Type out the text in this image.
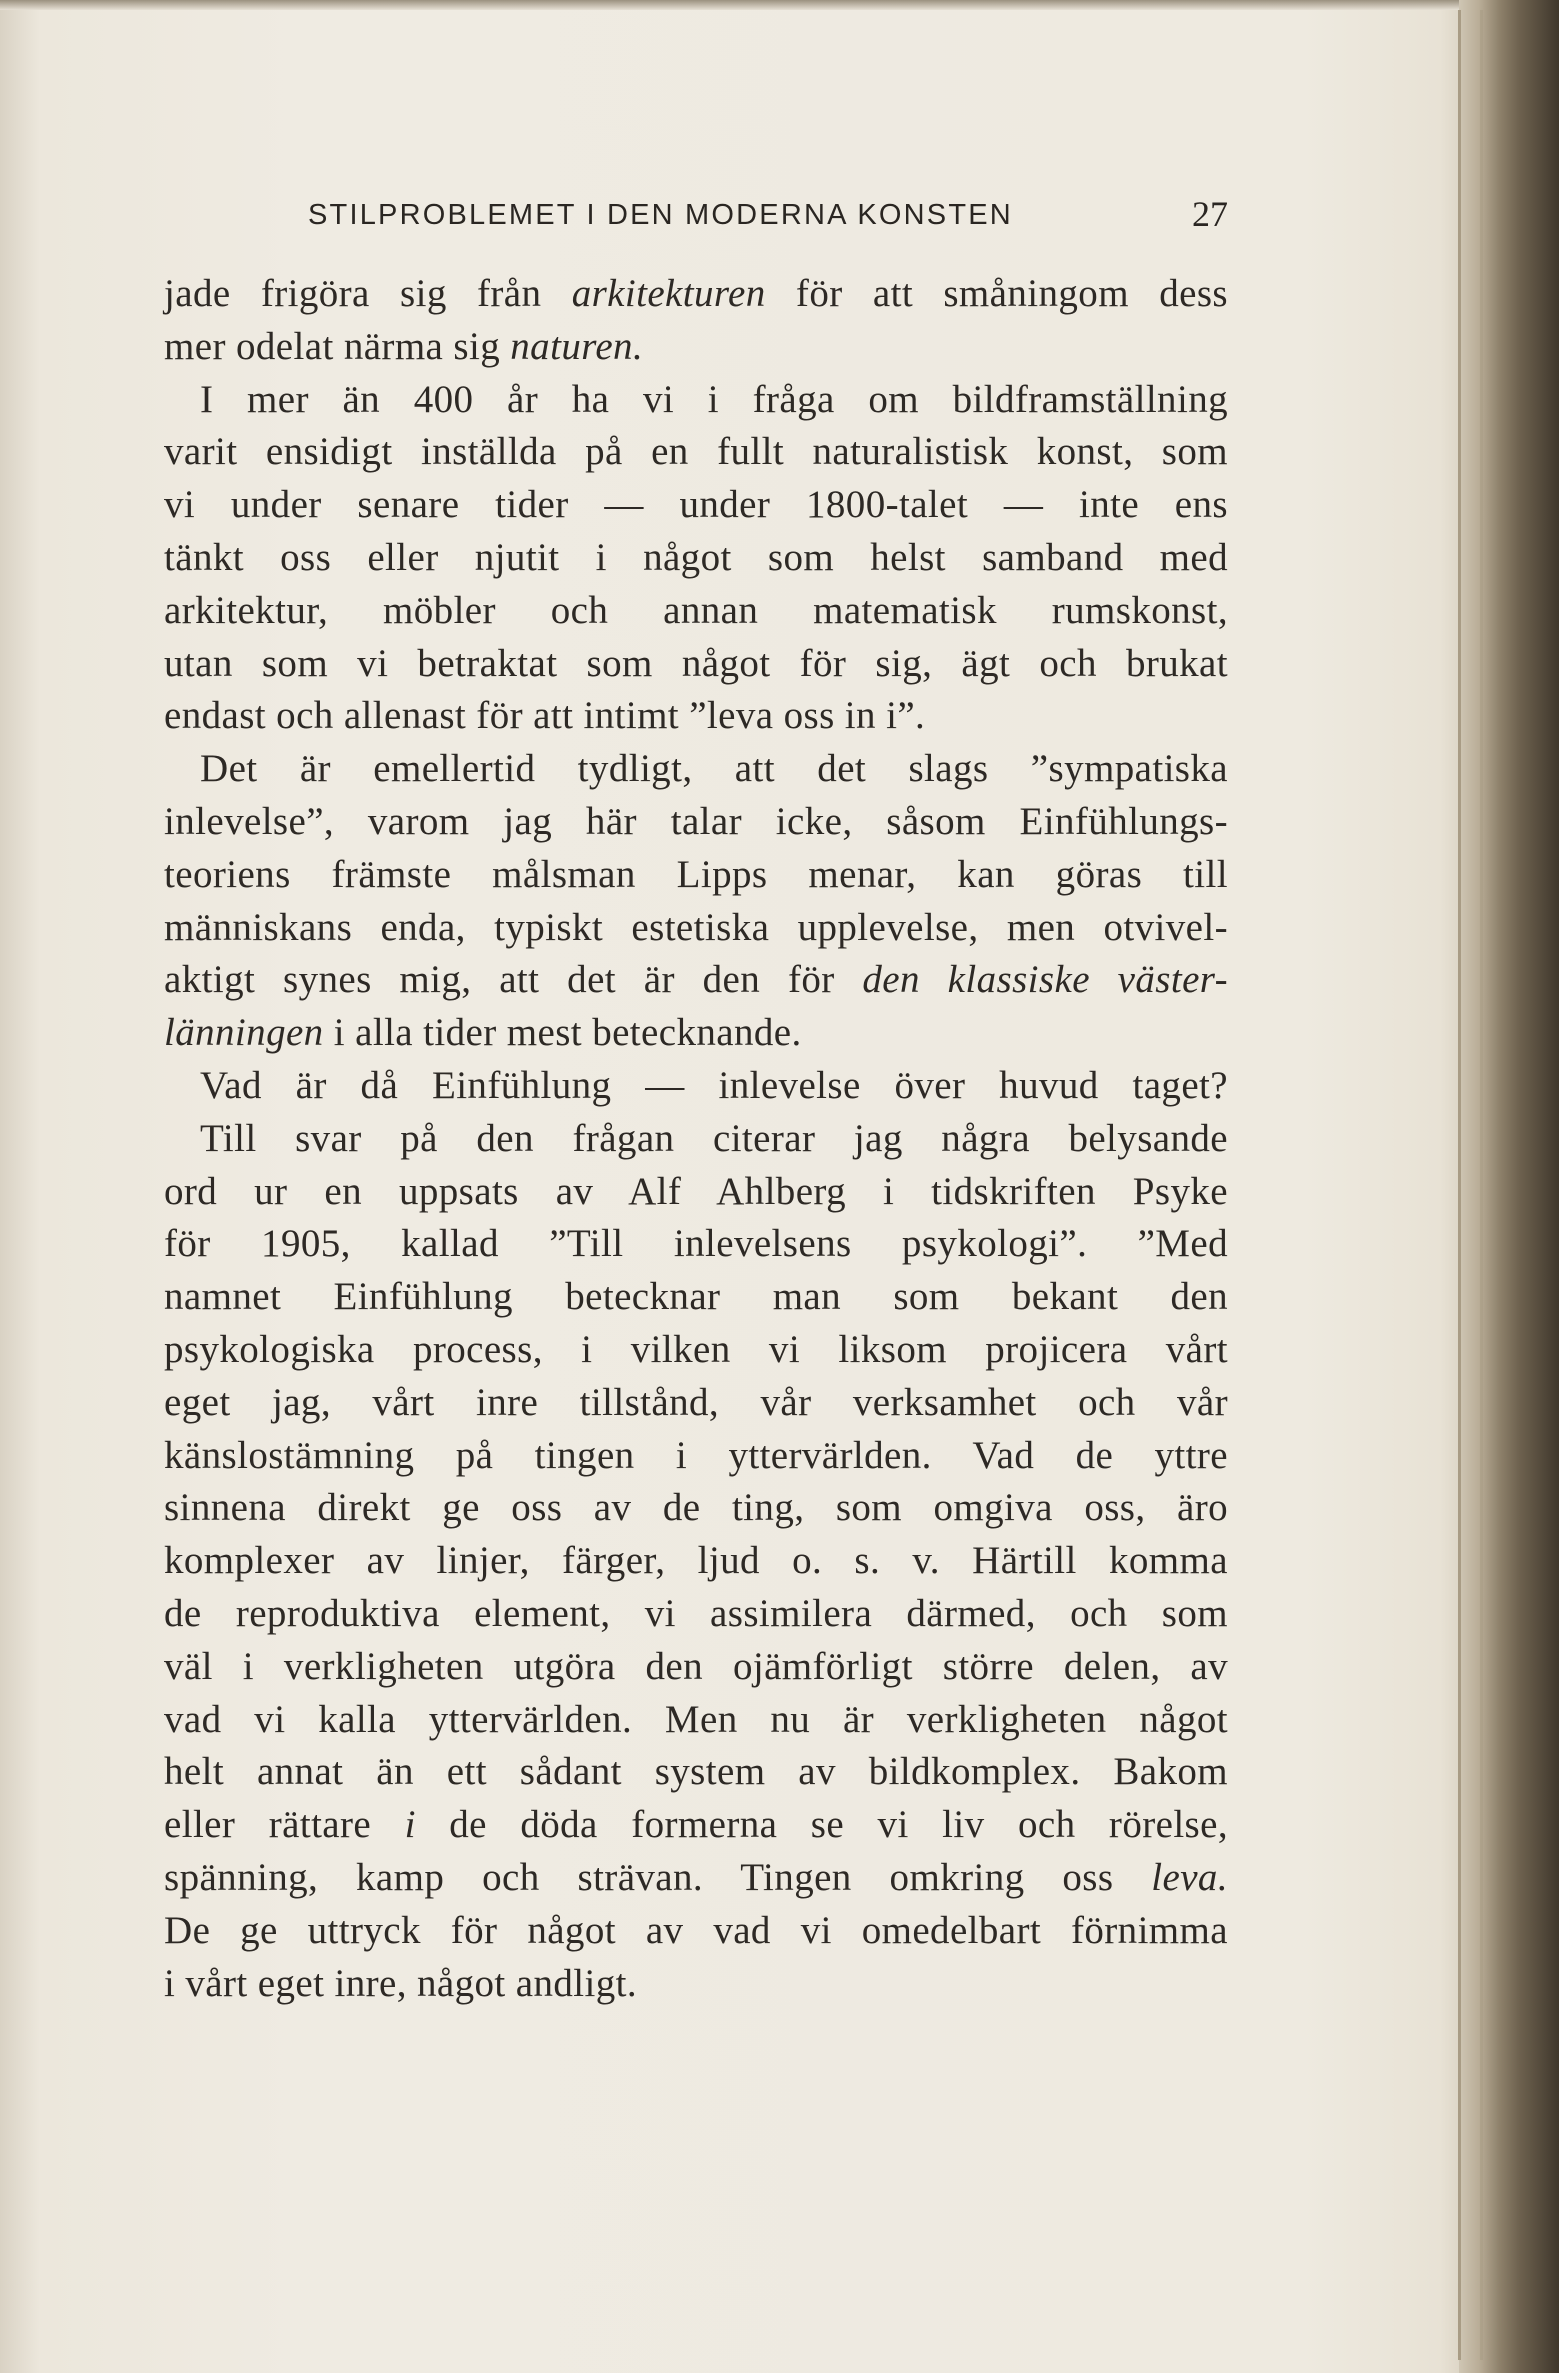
STILPROBLEMET I DEN MODERNA KONSTEN	27
jade frigöra sig från arkitekturen för att småningom dess
mer odelat närma sig naturen.
I mer än 400 år ha vi i fråga om bildframställning
varit ensidigt inställda på en fullt naturalistisk konst, som
vi under senare tider — under 1800-talet — inte ens
tänkt oss eller njutit i något som helst samband med
arkitektur, möbler och annan matematisk rumskonst,
utan som vi betraktat som något för sig, ägt och brukat
endast och allenast för att intimt ”leva oss in i”.
Det är emellertid tydligt, att det slags ”sympatiska
inlevelse”, varom jag här talar icke, såsom Einfühlungs-
teoriens främste målsman Lipps menar, kan göras till
människans enda, typiskt estetiska upplevelse, men otvivel-
aktigt synes mig, att det är den för den klassiske väster-
länningen i alla tider mest betecknande.
Vad är då Einfühlung — inlevelse över huvud taget?
Till svar på den frågan citerar jag några belysande
ord ur en uppsats av Alf Ahlberg i tidskriften Psyke
för 1905, kallad ”Till inlevelsens psykologi”. ”Med
namnet Einfühlung betecknar man som bekant den
psykologiska process, i vilken vi liksom projicera vårt
eget jag, vårt inre tillstånd, vår verksamhet och vår
känslostämning på tingen i yttervärlden. Vad de yttre
sinnena direkt ge oss av de ting, som omgiva oss, äro
komplexer av linjer, färger, ljud o. s. v. Härtill komma
de reproduktiva element, vi assimilera därmed, och som
väl i verkligheten utgöra den ojämförligt större delen, av
vad vi kalla yttervärlden. Men nu är verkligheten något
helt annat än ett sådant system av bildkomplex. Bakom
eller rättare i de döda formerna se vi liv och rörelse,
spänning, kamp och strävan. Tingen omkring oss leva.
De ge uttryck för något av vad vi omedelbart förnimma
i vårt eget inre, något andligt.
